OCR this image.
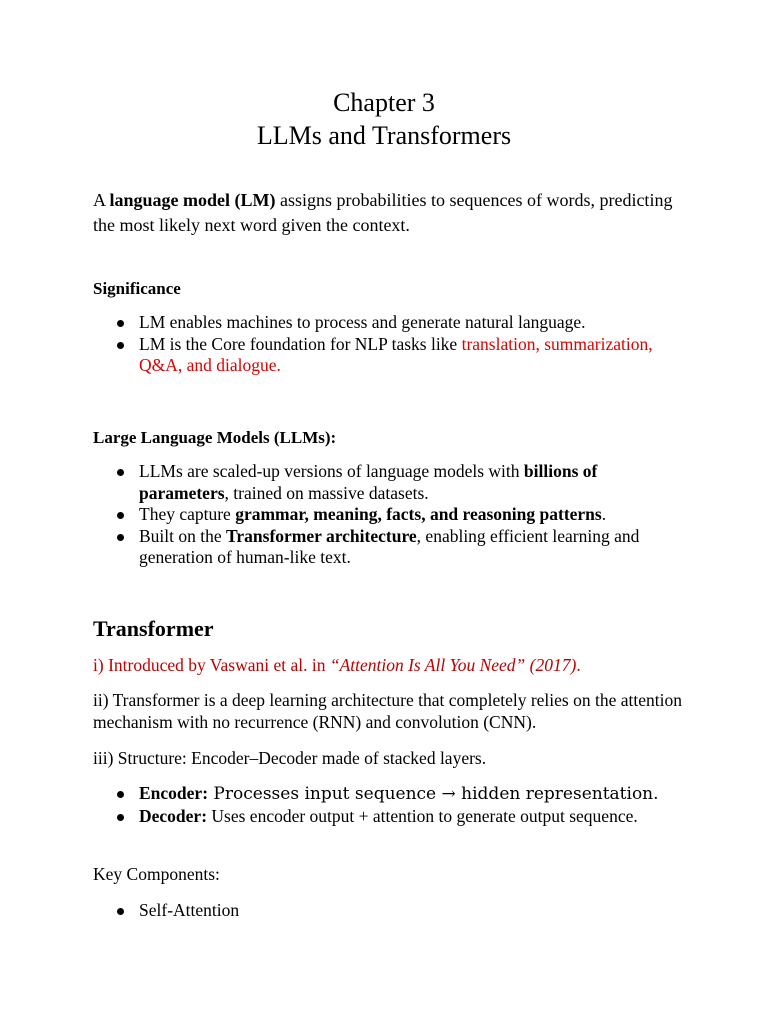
Chapter 3
LLMs and Transformers
A language model (LM) assigns probabilities to sequences of words, predicting the most likely next word given the context.
Significance
LM enables machines to process and generate natural language.
LM is the Core foundation for NLP tasks like translation, summarization, Q&A, and dialogue.
Large Language Models (LLMs):
LLMs are scaled-up versions of language models with billions of parameters, trained on massive datasets.
They capture grammar, meaning, facts, and reasoning patterns.
Built on the Transformer architecture, enabling efficient learning and generation of human-like text.
Transformer
i) Introduced by Vaswani et al. in “Attention Is All You Need” (2017).
ii) Transformer is a deep learning architecture that completely relies on the attention mechanism with no recurrence (RNN) and convolution (CNN).
iii) Structure: Encoder–Decoder made of stacked layers.
Encoder: Processes input sequence → hidden representation.
Decoder: Uses encoder output + attention to generate output sequence.
Key Components:
Self-Attention
